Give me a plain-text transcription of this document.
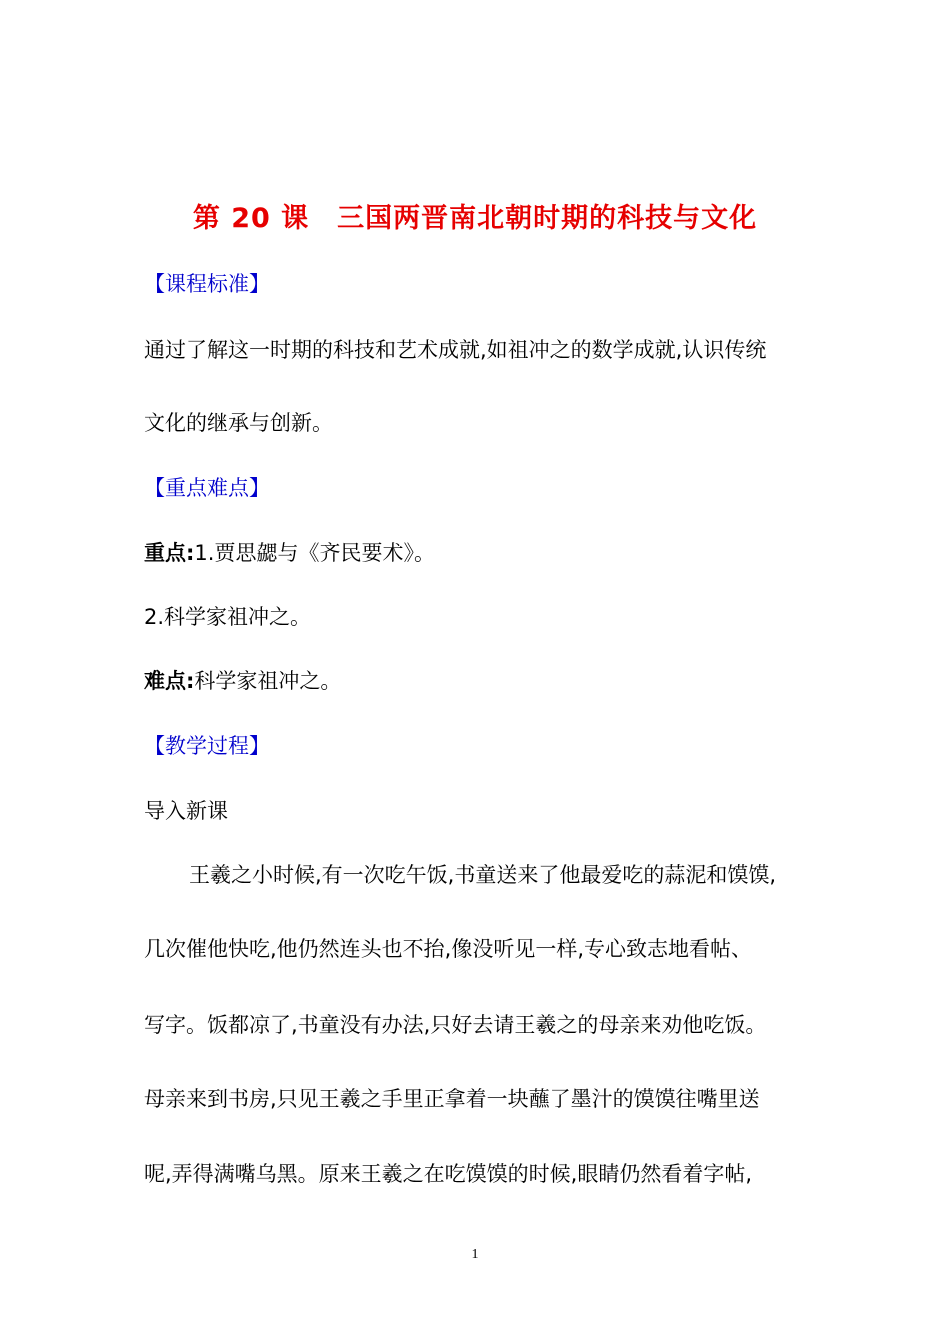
第 20 课　三国两晋南北朝时期的科技与文化
【课程标准】
通过了解这一时期的科技和艺术成就,如祖冲之的数学成就,认识传统
文化的继承与创新。
【重点难点】
重点:1.贾思勰与《齐民要术》。
2.科学家祖冲之。
难点:科学家祖冲之。
【教学过程】
导入新课
王羲之小时候,有一次吃午饭,书童送来了他最爱吃的蒜泥和馍馍,
几次催他快吃,他仍然连头也不抬,像没听见一样,专心致志地看帖、
写字。饭都凉了,书童没有办法,只好去请王羲之的母亲来劝他吃饭。
母亲来到书房,只见王羲之手里正拿着一块蘸了墨汁的馍馍往嘴里送
呢,弄得满嘴乌黑。原来王羲之在吃馍馍的时候,眼睛仍然看着字帖,
1
